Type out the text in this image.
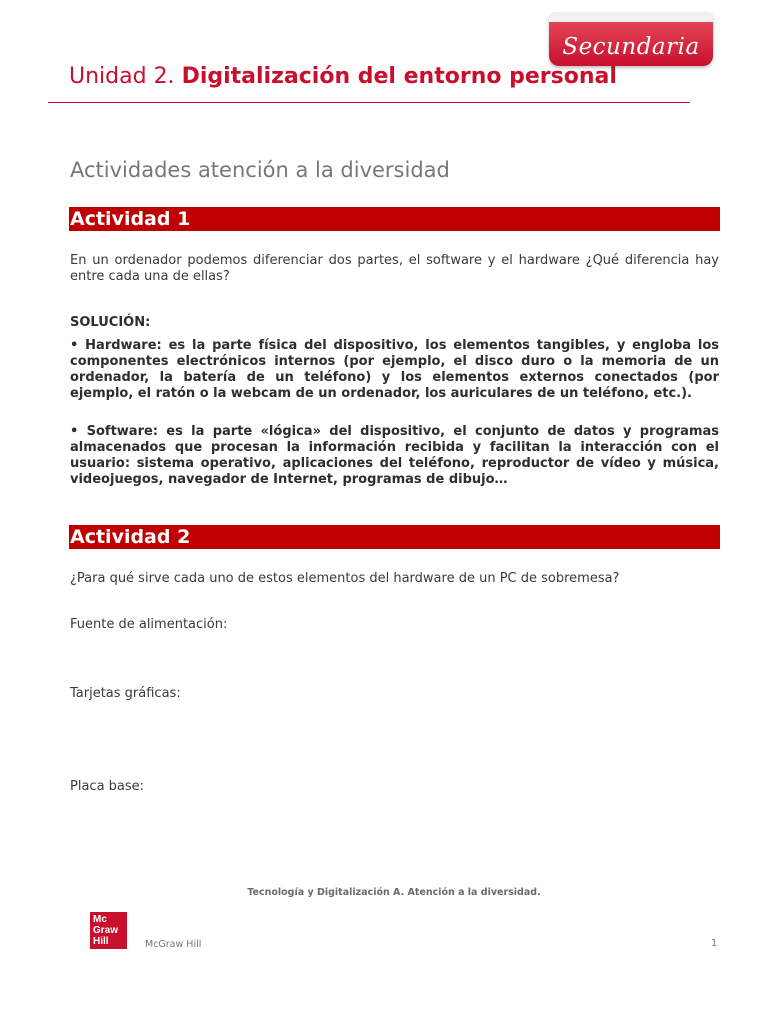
Secundaria
Unidad 2. Digitalización del entorno personal
Actividades atención a la diversidad
Actividad 1
En un ordenador podemos diferenciar dos partes, el software y el hardware ¿Qué diferencia hay entre cada una de ellas?
SOLUCIÓN:
• Hardware: es la parte física del dispositivo, los elementos tangibles, y engloba los componentes electrónicos internos (por ejemplo, el disco duro o la memoria de un ordenador, la batería de un teléfono) y los elementos externos conectados (por ejemplo, el ratón o la webcam de un ordenador, los auriculares de un teléfono, etc.).
• Software: es la parte «lógica» del dispositivo, el conjunto de datos y programas almacenados que procesan la información recibida y facilitan la interacción con el usuario: sistema operativo, aplicaciones del teléfono, reproductor de vídeo y música, videojuegos, navegador de Internet, programas de dibujo…
Actividad 2
¿Para qué sirve cada uno de estos elementos del hardware de un PC de sobremesa?
Fuente de alimentación:
Tarjetas gráficas:
Placa base:
Tecnología y Digitalización A. Atención a la diversidad.
Mc
Graw
Hill	McGraw Hill	1
